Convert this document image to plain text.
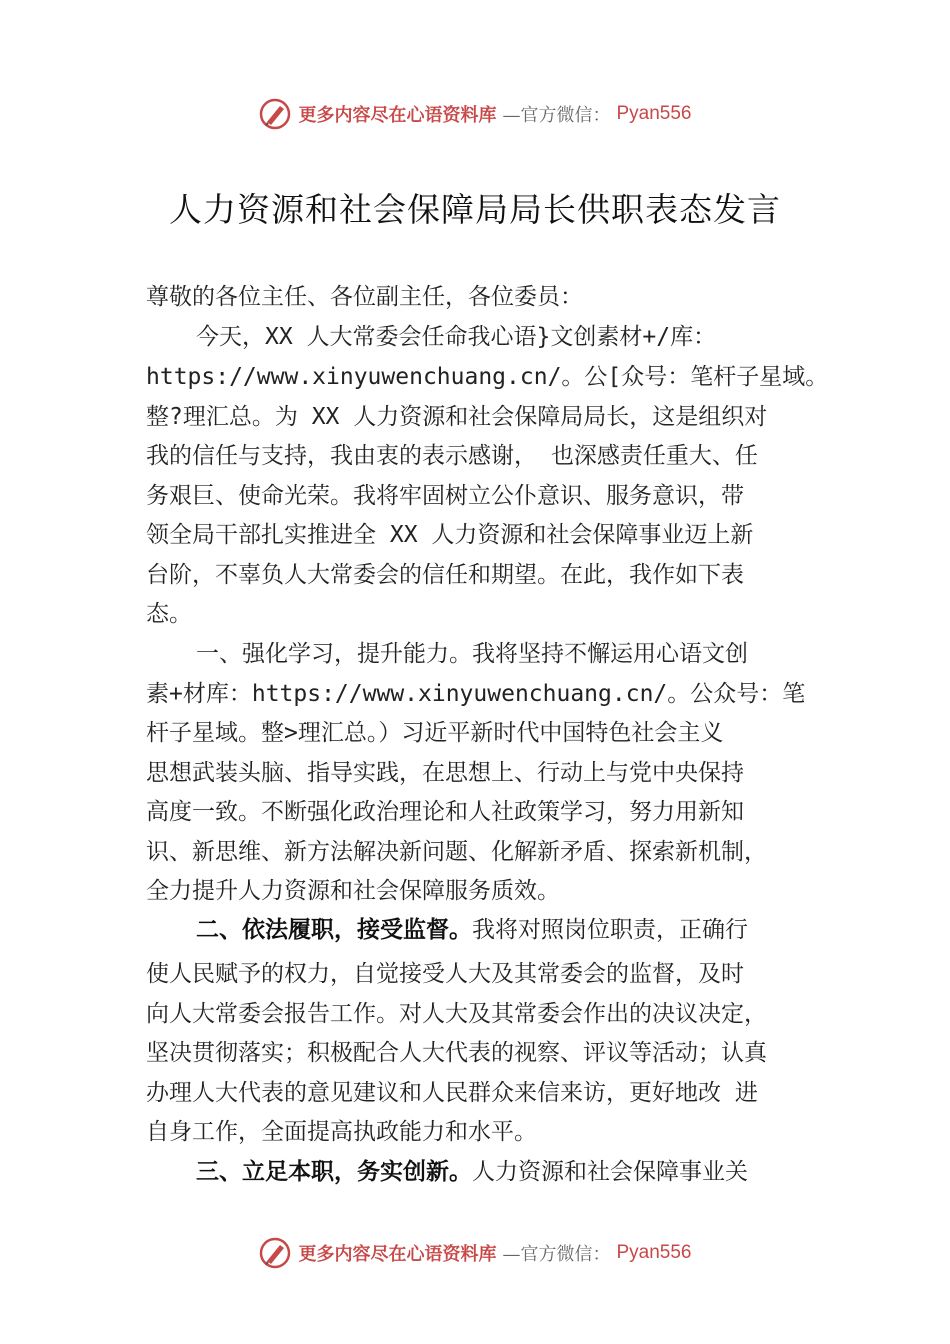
更多内容尽在心语资料库 —官方微信： Pyan556
人力资源和社会保障局局长供职表态发言
尊敬的各位主任、各位副主任，各位委员：
今天，XX 人大常委会任命我心语}文创素材+/库：
https://www.xinyuwenchuang.cn/。公[众号：笔杆子星域。
整?理汇总。为 XX 人力资源和社会保障局局长，这是组织对
我的信任与支持，我由衷的表示感谢， 也深感责任重大、任
务艰巨、使命光荣。我将牢固树立公仆意识、服务意识，带
领全局干部扎实推进全 XX 人力资源和社会保障事业迈上新
台阶，不辜负人大常委会的信任和期望。在此，我作如下表
态。
一、强化学习，提升能力。我将坚持不懈运用心语文创
素+材库：https://www.xinyuwenchuang.cn/。公众号：笔
杆子星域。整>理汇总。）习近平新时代中国特色社会主义
思想武装头脑、指导实践，在思想上、行动上与党中央保持
高度一致。不断强化政治理论和人社政策学习，努力用新知
识、新思维、新方法解决新问题、化解新矛盾、探索新机制，
全力提升人力资源和社会保障服务质效。
二、依法履职，接受监督。我将对照岗位职责，正确行
使人民赋予的权力，自觉接受人大及其常委会的监督，及时
向人大常委会报告工作。对人大及其常委会作出的决议决定，
坚决贯彻落实；积极配合人大代表的视察、评议等活动；认真
办理人大代表的意见建议和人民群众来信来访，更好地改 进
自身工作，全面提高执政能力和水平。
三、立足本职，务实创新。人力资源和社会保障事业关
更多内容尽在心语资料库 —官方微信： Pyan556
